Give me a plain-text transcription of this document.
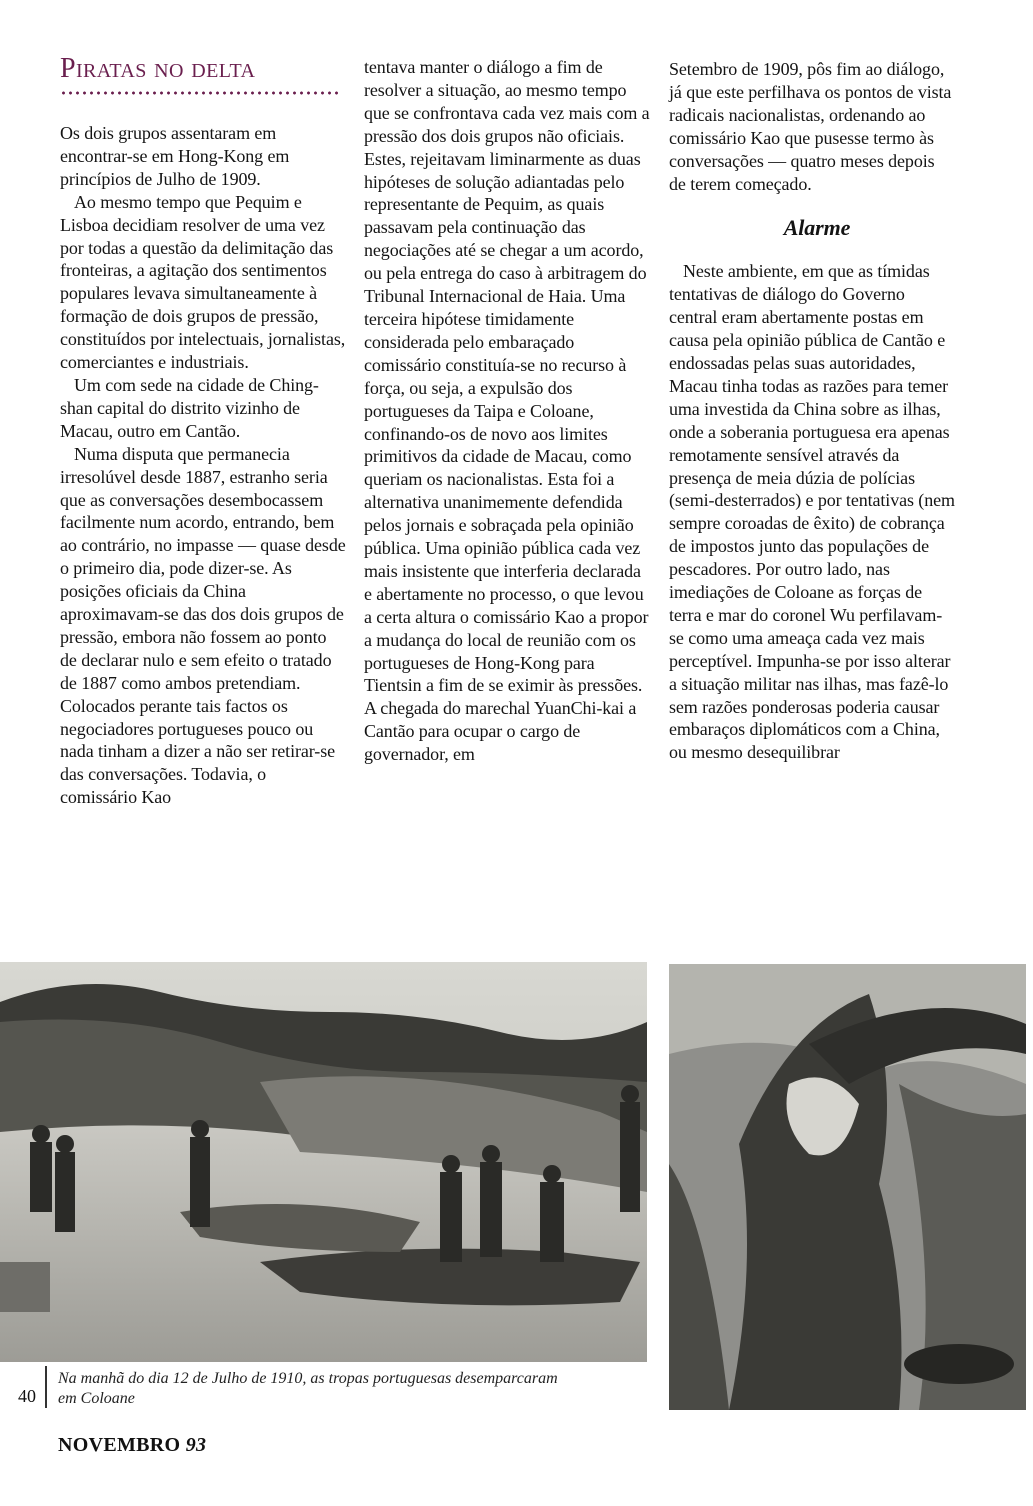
Piratas no delta

Os dois grupos assentaram em encontrar-se em Hong-Kong em princípios de Julho de 1909.

Ao mesmo tempo que Pequim e Lisboa decidiam resolver de uma vez por todas a questão da delimitação das fronteiras, a agitação dos sentimentos populares levava simultaneamente à formação de dois grupos de pressão, constituídos por intelectuais, jornalistas, comerciantes e industriais.

Um com sede na cidade de Ching-shan capital do distrito vizinho de Macau, outro em Cantão.

Numa disputa que permanecia irresolúvel desde 1887, estranho seria que as conversações desembocassem facilmente num acordo, entrando, bem ao contrário, no impasse — quase desde o primeiro dia, pode dizer-se. As posições oficiais da China aproximavam-se das dos dois grupos de pressão, embora não fossem ao ponto de declarar nulo e sem efeito o tratado de 1887 como ambos pretendiam. Colocados perante tais factos os negociadores portugueses pouco ou nada tinham a dizer a não ser retirar-se das conversações. Todavia, o comissário Kao

tentava manter o diálogo a fim de resolver a situação, ao mesmo tempo que se confrontava cada vez mais com a pressão dos dois grupos não oficiais. Estes, rejeitavam liminarmente as duas hipóteses de solução adiantadas pelo representante de Pequim, as quais passavam pela continuação das negociações até se chegar a um acordo, ou pela entrega do caso à arbitragem do Tribunal Internacional de Haia. Uma terceira hipótese timidamente considerada pelo embaraçado comissário constituía-se no recurso à força, ou seja, a expulsão dos portugueses da Taipa e Coloane, confinando-os de novo aos limites primitivos da cidade de Macau, como queriam os nacionalistas. Esta foi a alternativa unanimemente defendida pelos jornais e sobraçada pela opinião pública. Uma opinião pública cada vez mais insistente que interferia declarada e abertamente no processo, o que levou a certa altura o comissário Kao a propor a mudança do local de reunião com os portugueses de Hong-Kong para Tientsin a fim de se eximir às pressões. A chegada do marechal YuanChi-kai a Cantão para ocupar o cargo de governador, em

Setembro de 1909, pôs fim ao diálogo, já que este perfilhava os pontos de vista radicais nacionalistas, ordenando ao comissário Kao que pusesse termo às conversações — quatro meses depois de terem começado.

Alarme

Neste ambiente, em que as tímidas tentativas de diálogo do Governo central eram abertamente postas em causa pela opinião pública de Cantão e endossadas pelas suas autoridades, Macau tinha todas as razões para temer uma investida da China sobre as ilhas, onde a soberania portuguesa era apenas remotamente sensível através da presença de meia dúzia de polícias (semi-desterrados) e por tentativas (nem sempre coroadas de êxito) de cobrança de impostos junto das populações de pescadores. Por outro lado, nas imediações de Coloane as forças de terra e mar do coronel Wu perfilavam-se como uma ameaça cada vez mais perceptível. Impunha-se por isso alterar a situação militar nas ilhas, mas fazê-lo sem razões ponderosas poderia causar embaraços diplomáticos com a China, ou mesmo desequilibrar

40
Na manhã do dia 12 de Julho de 1910, as tropas portuguesas desemparcaram em Coloane
NOVEMBRO 93
